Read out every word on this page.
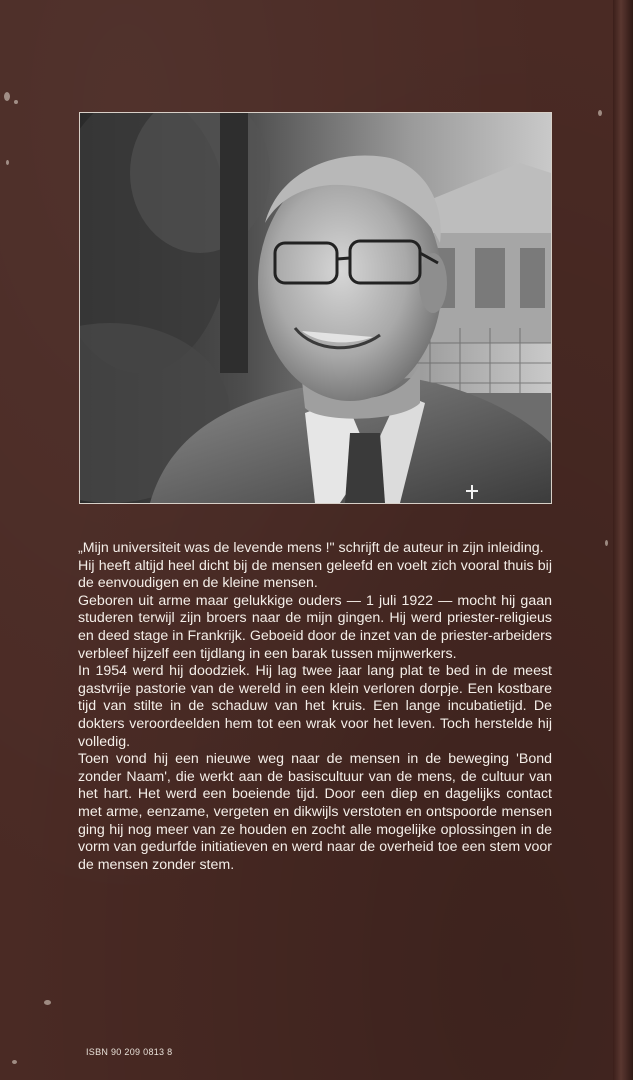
„Mijn universiteit was de levende mens !" schrijft de auteur in zijn inleiding.

Hij heeft altijd heel dicht bij de mensen geleefd en voelt zich vooral thuis bij de eenvoudigen en de kleine mensen.

Geboren uit arme maar gelukkige ouders — 1 juli 1922 — mocht hij gaan studeren terwijl zijn broers naar de mijn gingen. Hij werd priester-religieus en deed stage in Frankrijk. Geboeid door de inzet van de priester-arbeiders verbleef hijzelf een tijdlang in een barak tussen mijnwerkers.

In 1954 werd hij doodziek. Hij lag twee jaar lang plat te bed in de meest gastvrije pastorie van de wereld in een klein verloren dorpje. Een kostbare tijd van stilte in de schaduw van het kruis. Een lange incubatietijd. De dokters veroordeelden hem tot een wrak voor het leven. Toch herstelde hij volledig.

Toen vond hij een nieuwe weg naar de mensen in de beweging 'Bond zonder Naam', die werkt aan de basiscultuur van de mens, de cultuur van het hart. Het werd een boeiende tijd. Door een diep en dagelijks contact met arme, eenzame, vergeten en dikwijls verstoten en ontspoorde mensen ging hij nog meer van ze houden en zocht alle mogelijke oplossingen in de vorm van gedurfde initiatieven en werd naar de overheid toe een stem voor de mensen zonder stem.

ISBN 90 209 0813 8
